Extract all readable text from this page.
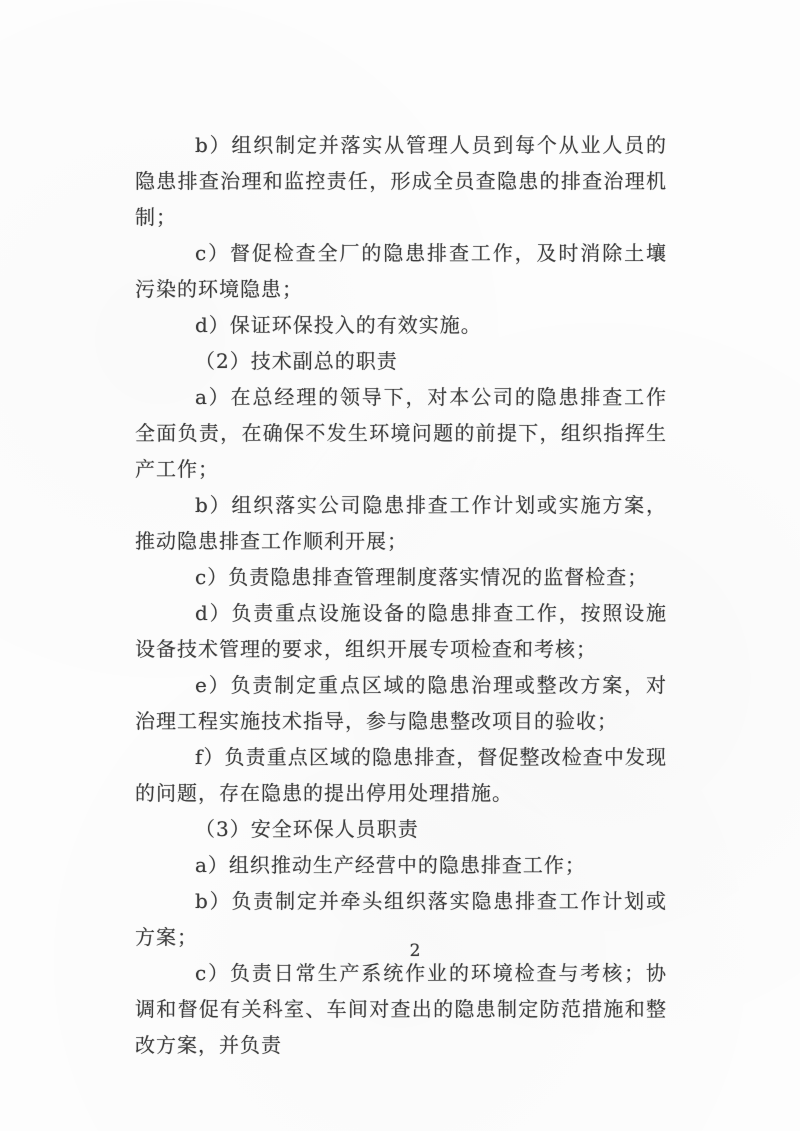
b）组织制定并落实从管理人员到每个从业人员的隐患排查治理和监控责任，形成全员查隐患的排查治理机制；

c）督促检查全厂的隐患排查工作，及时消除土壤污染的环境隐患；

d）保证环保投入的有效实施。

（2）技术副总的职责

a）在总经理的领导下，对本公司的隐患排查工作全面负责，在确保不发生环境问题的前提下，组织指挥生产工作；

b）组织落实公司隐患排查工作计划或实施方案，推动隐患排查工作顺利开展；

c）负责隐患排查管理制度落实情况的监督检查；

d）负责重点设施设备的隐患排查工作，按照设施设备技术管理的要求，组织开展专项检查和考核；

e）负责制定重点区域的隐患治理或整改方案，对治理工程实施技术指导，参与隐患整改项目的验收；

f）负责重点区域的隐患排查，督促整改检查中发现的问题，存在隐患的提出停用处理措施。

（3）安全环保人员职责

a）组织推动生产经营中的隐患排查工作；

b）负责制定并牵头组织落实隐患排查工作计划或方案；

c）负责日常生产系统作业的环境检查与考核；协调和督促有关科室、车间对查出的隐患制定防范措施和整改方案，并负责

2
